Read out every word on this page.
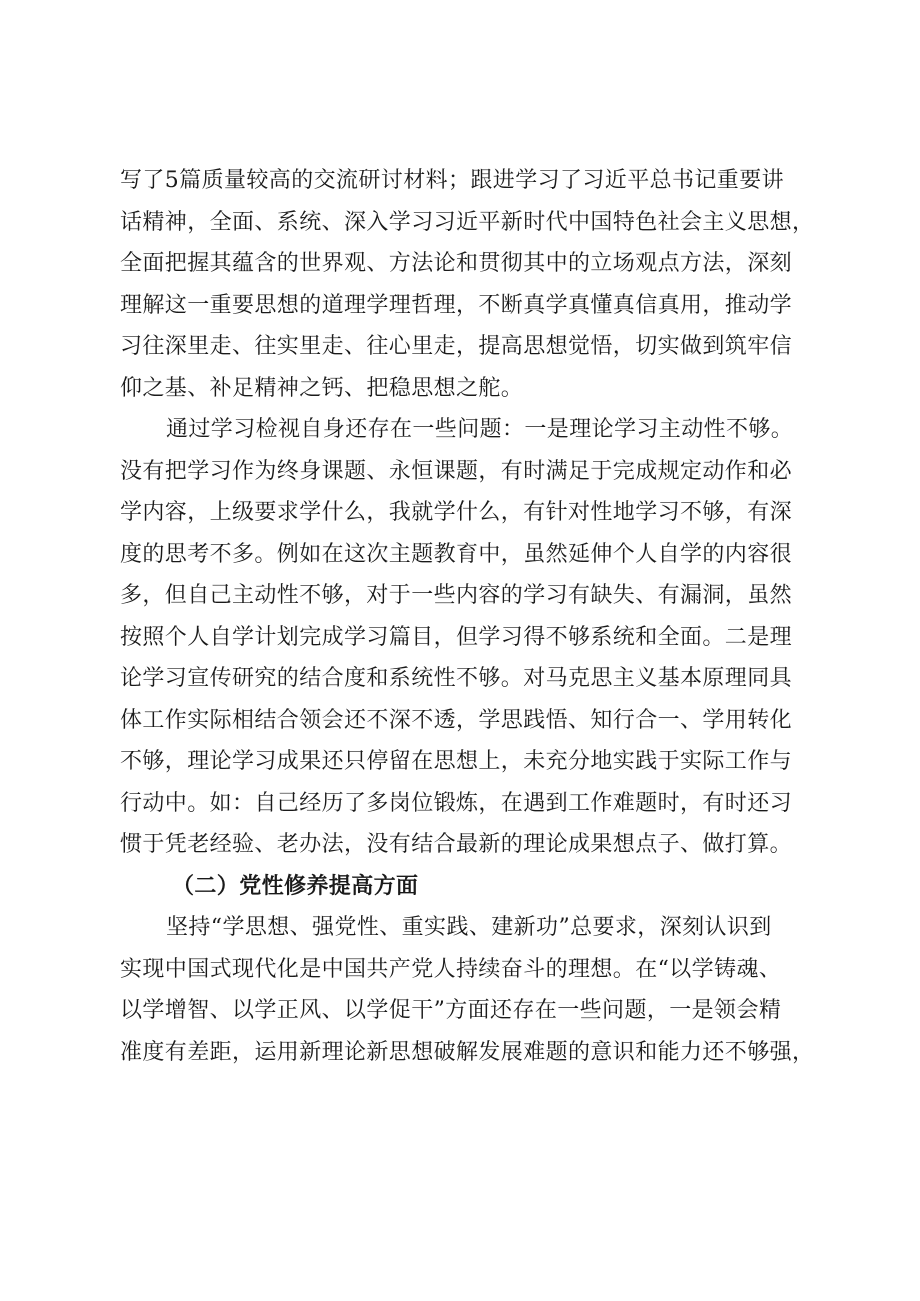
写了5篇质量较高的交流研讨材料；跟进学习了习近平总书记重要讲
话精神，全面、系统、深入学习习近平新时代中国特色社会主义思想，
全面把握其蕴含的世界观、方法论和贯彻其中的立场观点方法，深刻
理解这一重要思想的道理学理哲理，不断真学真懂真信真用，推动学
习往深里走、往实里走、往心里走，提高思想觉悟，切实做到筑牢信
仰之基、补足精神之钙、把稳思想之舵。
通过学习检视自身还存在一些问题：一是理论学习主动性不够。
没有把学习作为终身课题、永恒课题，有时满足于完成规定动作和必
学内容，上级要求学什么，我就学什么，有针对性地学习不够，有深
度的思考不多。例如在这次主题教育中，虽然延伸个人自学的内容很
多，但自己主动性不够，对于一些内容的学习有缺失、有漏洞，虽然
按照个人自学计划完成学习篇目，但学习得不够系统和全面。二是理
论学习宣传研究的结合度和系统性不够。对马克思主义基本原理同具
体工作实际相结合领会还不深不透，学思践悟、知行合一、学用转化
不够，理论学习成果还只停留在思想上，未充分地实践于实际工作与
行动中。如：自己经历了多岗位锻炼，在遇到工作难题时，有时还习
惯于凭老经验、老办法，没有结合最新的理论成果想点子、做打算。
（二）党性修养提高方面
坚持“学思想、强党性、重实践、建新功”总要求，深刻认识到
实现中国式现代化是中国共产党人持续奋斗的理想。在“以学铸魂、
以学增智、以学正风、以学促干”方面还存在一些问题，一是领会精
准度有差距，运用新理论新思想破解发展难题的意识和能力还不够强，
